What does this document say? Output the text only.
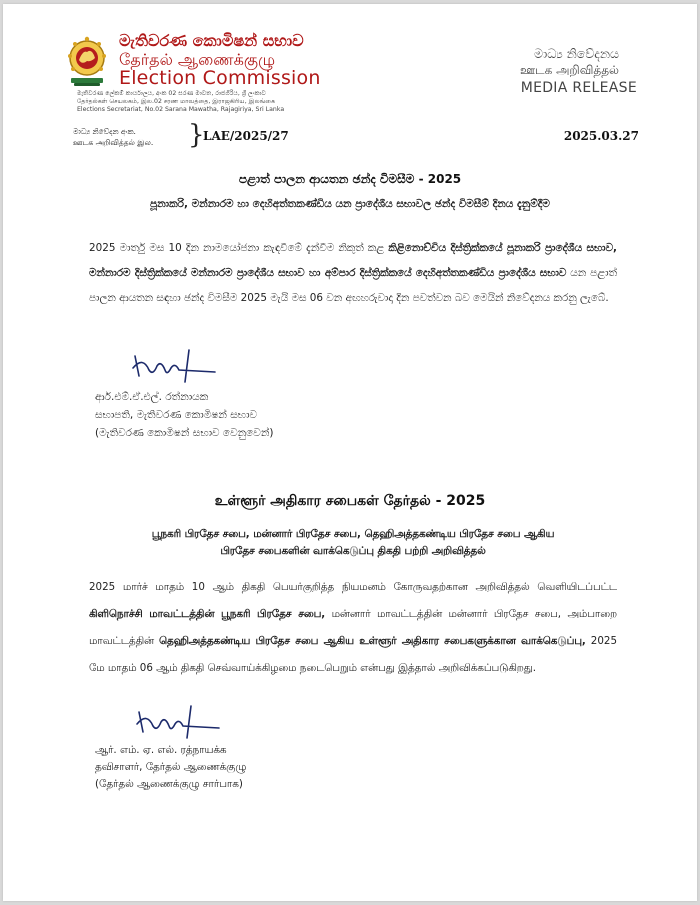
මැතිවරණ කොමිෂන් සභාව
தேர்தல் ஆணைக்குழு
Election Commission
මැතිවරණ ලේකම් කාර්යාලය, අංක 02 සරණ මාවත, රාජගිරිය, ශ්‍රී ලංකාව
தேர்தல்கள் செயலகம், இல.02 சரண மாவத்தை, இராஜகிரிய, இலங்கை
Elections Secretariat, No.02 Sarana Mawatha, Rajagiriya, Sri Lanka
මාධ්‍ය නිවේදනය
ஊடக அறிவித்தல்
MEDIA RELEASE
මාධ්‍ය නිවේදන අංක.
ஊடக அறிவித்தல் இல. }
LAE/2025/27	2025.03.27
පළාත් පාලන ආයතන ඡන්ද විමසීම - 2025
පූනාකරි, මන්නාරම හා දෙහිඅත්තකණ්ඩිය යන ප්‍රාදේශීය සභාවල ඡන්ද විමසීම් දිනය දැනුම්දීම
2025 මාර්තු මස 10 දින නාමයෝජනා කැඳවීමේ දැන්වීම නිකුත් කළ කිළිනොච්චිය දිස්ත්‍රික්කයේ පූනාකරි ප්‍රාදේශීය සභාව, මන්නාරම දිස්ත්‍රික්කයේ මන්නාරම ප්‍රාදේශීය සභාව හා අම්පාර දිස්ත්‍රික්කයේ දෙහිඅත්තකණ්ඩිය ප්‍රාදේශීය සභාව යන පළාත් පාලන ආයතන සඳහා ඡන්ද විමසීම 2025 මැයි මස 06 වන අඟහරුවාදා දින පවත්වන බව මෙයින් නිවේදනය කරනු ලැබේ.
ආර්.එම්.ඒ.එල්. රත්නායක
සභාපති, මැතිවරණ කොමිෂන් සභාව
(මැතිවරණ කොමිෂන් සභාව වෙනුවෙන්)
உள்ளூர் அதிகார சபைகள் தேர்தல் - 2025
பூநகரி பிரதேச சபை, மன்னார் பிரதேச சபை, தெஹிஅத்தகண்டிய பிரதேச சபை ஆகிய
பிரதேச சபைகளின் வாக்கெடுப்பு திகதி பற்றி அறிவித்தல்
2025 மார்ச் மாதம் 10 ஆம் திகதி பெயர்குறித்த நியமனம் கோருவதற்கான அறிவித்தல் வெளியிடப்பட்ட கிளிநொச்சி மாவட்டத்தின் பூநகரி பிரதேச சபை, மன்னார் மாவட்டத்தின் மன்னார் பிரதேச சபை, அம்பாறை மாவட்டத்தின் தெஹிஅத்தகண்டிய பிரதேச சபை ஆகிய உள்ளூர் அதிகார சபைகளுக்கான வாக்கெடுப்பு, 2025 மே மாதம் 06 ஆம் திகதி செவ்வாய்க்கிழமை நடைபெறும் என்பது இத்தால் அறிவிக்கப்படுகிறது.
ஆர். எம். ஏ. எல். ரத்நாயக்க
தவிசாளர், தேர்தல் ஆணைக்குழு
(தேர்தல் ஆணைக்குழு சார்பாக)
